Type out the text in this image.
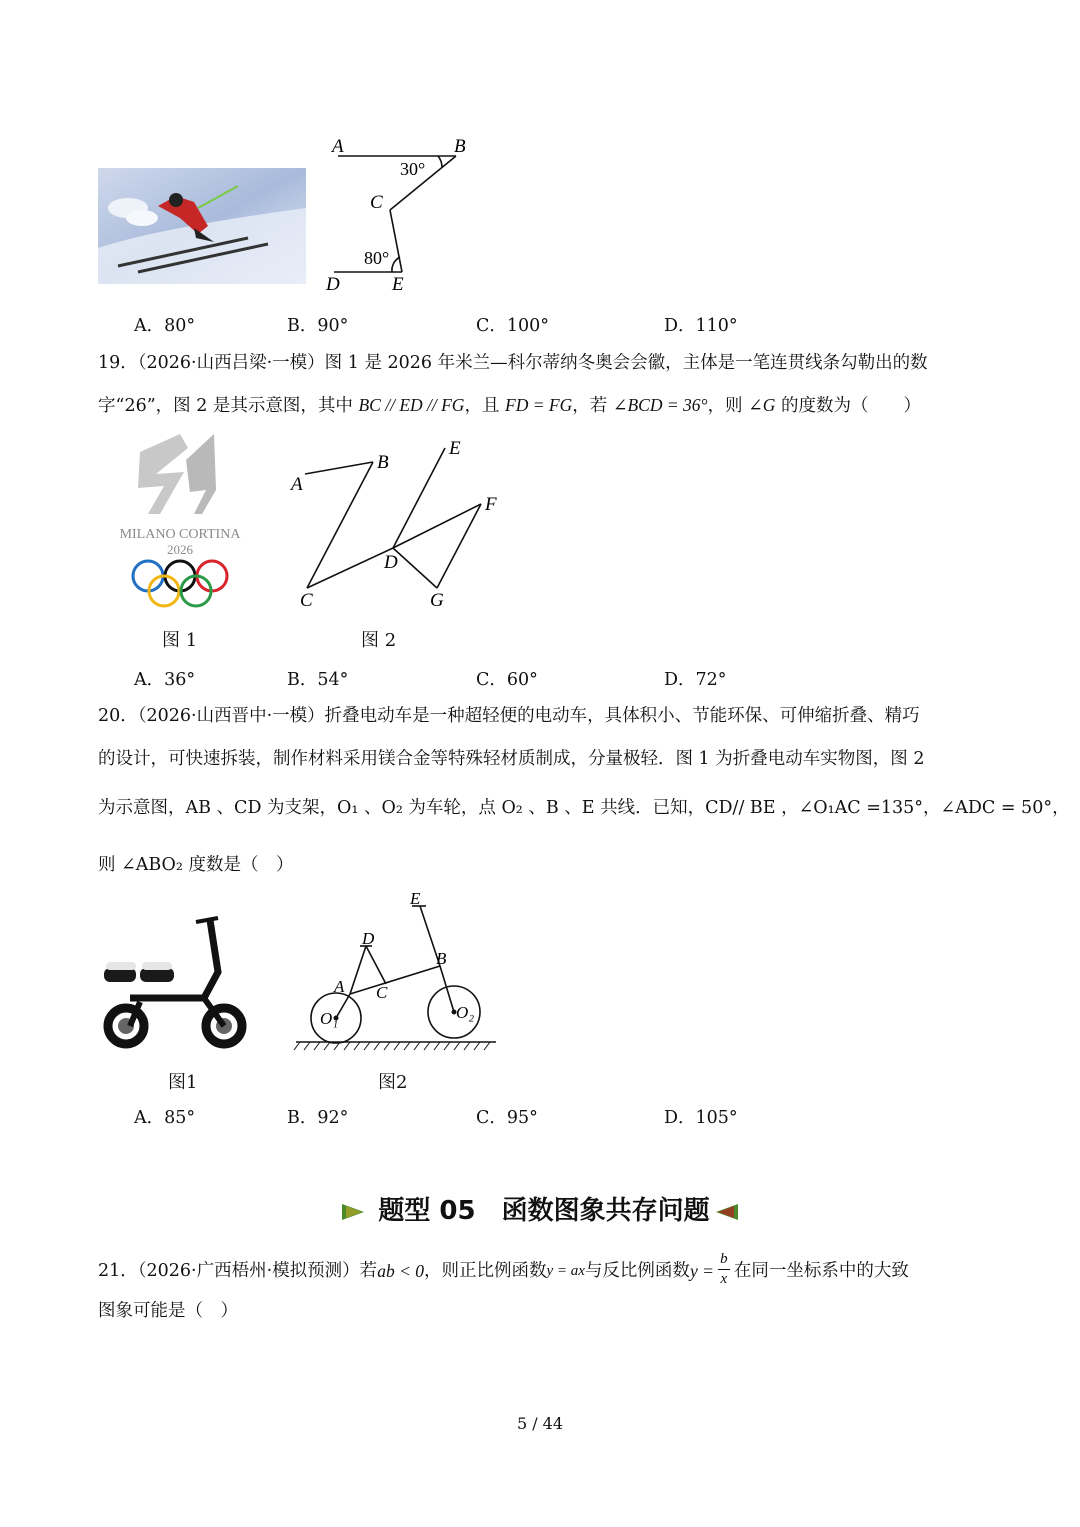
A	B
C
D	E
30°
80°
A．80°	B．90°	C．100°	D．110°
19．（2026·山西吕梁·一模）图 1 是 2026 年米兰—科尔蒂纳冬奥会会徽，主体是一笔连贯线条勾勒出的数
字“26”，图 2 是其示意图，其中 BC // ED // FG，且 FD = FG，若 ∠BCD = 36°，则 ∠G 的度数为（　　）
MILANO CORTINA
2026
图 1
A
B
C
D
E
F
G
图 2
A．36°	B．54°	C．60°	D．72°
20．（2026·山西晋中·一模）折叠电动车是一种超轻便的电动车，具体积小、节能环保、可伸缩折叠、精巧
的设计，可快速拆装，制作材料采用镁合金等特殊轻材质制成，分量极轻．图 1 为折叠电动车实物图，图 2
为示意图，AB 、CD 为支架，O₁ 、O₂ 为车轮，点 O₂ 、B 、E 共线．已知，CD// BE ，∠O₁AC =135°，∠ADC = 50°，
则 ∠ABO₂ 度数是（　）
图1
E
D
B
A C
O₁	O₂
图2
A．85°	B．92°	C．95°	D．105°
题型 05　函数图象共存问题
21．（2026·广西梧州·模拟预测）若 ab < 0 ，则正比例函数 y = ax 与反比例函数 y =
b
x 在同一坐标系中的大致
图象可能是（　）
5 / 44
